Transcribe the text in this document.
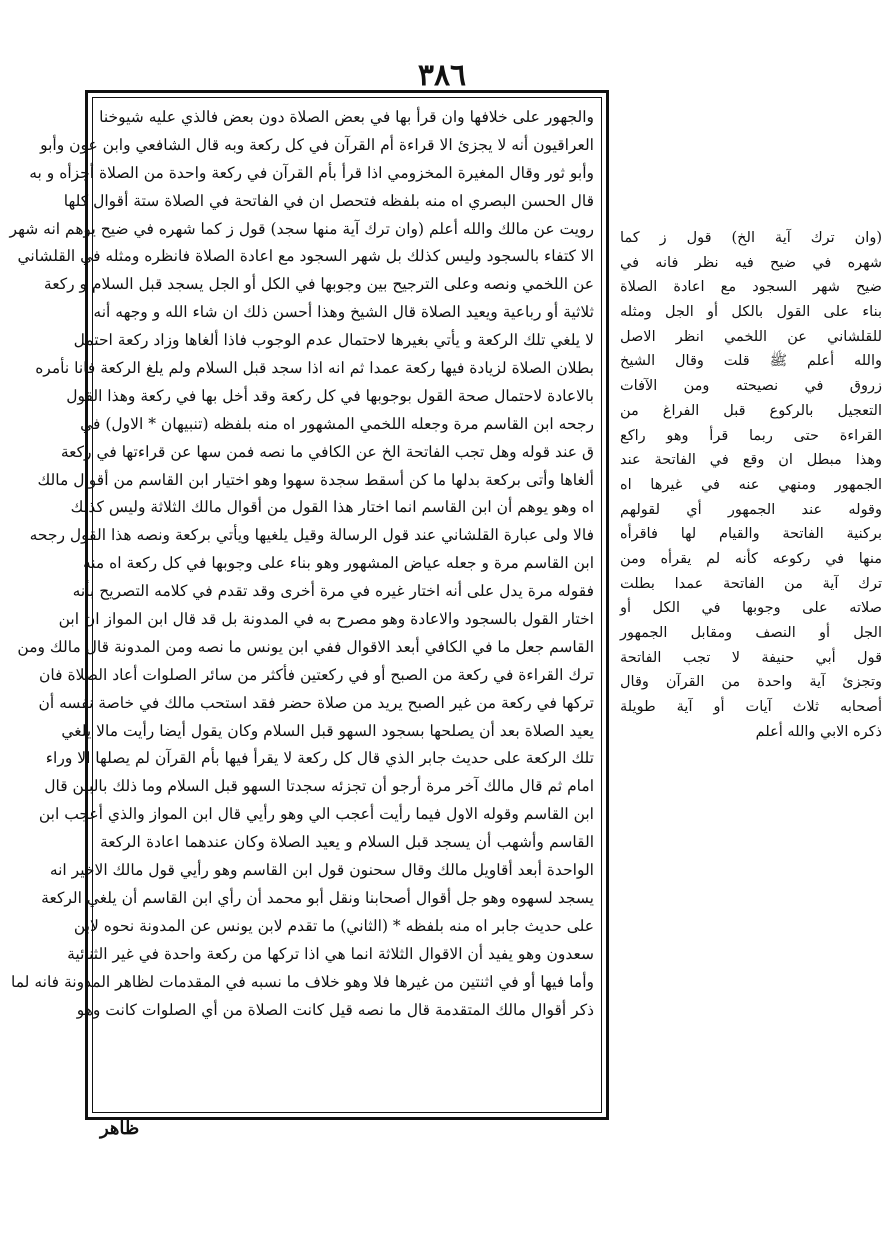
٣٨٦
والجهور على خلافها وان قرأ بها في بعض الصلاة دون بعض فالذي عليه شيوخنا
العراقيون أنه لا يجزئ الا قراءة أم القرآن في كل ركعة وبه قال الشافعي وابن عون وأبو
وأبو ثور وقال المغيرة المخزومي اذا قرأ بأم القرآن في ركعة واحدة من الصلاة أجزأه و به
قال الحسن البصري اه منه بلفظه فتحصل ان في الفاتحة في الصلاة ستة أقوال كلها
رويت عن مالك والله أعلم (وان ترك آية منها سجد) قول ز كما شهره في ضيح يوهم انه شهر
الا كتفاء بالسجود وليس كذلك بل شهر السجود مع اعادة الصلاة فانظره ومثله في القلشاني
عن اللخمي ونصه وعلى الترجيح بين وجوبها في الكل أو الجل يسجد قبل السلام و ركعة
ثلاثية أو رباعية ويعيد الصلاة قال الشيخ وهذا أحسن ذلك ان شاء الله و وجهه أنه
لا يلغي تلك الركعة و يأتي بغيرها لاحتمال عدم الوجوب فاذا ألغاها وزاد ركعة احتمل
بطلان الصلاة لزيادة فيها ركعة عمدا ثم انه اذا سجد قبل السلام ولم يلغ الركعة فانا نأمره
بالاعادة لاحتمال صحة القول بوجوبها في كل ركعة وقد أخل بها في ركعة وهذا القول
رجحه ابن القاسم مرة وجعله اللخمي المشهور اه منه بلفظه (تنبيهان * الاول) في
ق عند قوله وهل تجب الفاتحة الخ عن الكافي ما نصه فمن سها عن قراءتها في ركعة
ألغاها وأتى بركعة بدلها ما كن أسقط سجدة سهوا وهو اختيار ابن القاسم من أقوال مالك
اه وهو يوهم أن ابن القاسم انما اختار هذا القول من أقوال مالك الثلاثة وليس كذلك
فالا ولى عبارة القلشاني عند قول الرسالة وقيل يلغيها ويأتي بركعة ونصه هذا القول رجحه
ابن القاسم مرة و جعله عياض المشهور وهو بناء على وجوبها في كل ركعة اه منه
فقوله مرة يدل على أنه اختار غيره في مرة أخرى وقد تقدم في كلامه التصريح بأنه
اختار القول بالسجود والاعادة وهو مصرح به في المدونة بل قد قال ابن المواز ان ابن
القاسم جعل ما في الكافي أبعد الاقوال ففي ابن يونس ما نصه ومن المدونة قال مالك ومن
ترك القراءة في ركعة من الصبح أو في ركعتين فأكثر من سائر الصلوات أعاد الصلاة فان
تركها في ركعة من غير الصبح يريد من صلاة حضر فقد استحب مالك في خاصة نفسه أن
يعيد الصلاة بعد أن يصلحها بسجود السهو قبل السلام وكان يقول أيضا رأيت مالا يلغي
تلك الركعة على حديث جابر الذي قال كل ركعة لا يقرأ فيها بأم القرآن لم يصلها الا وراء
امام ثم قال مالك آخر مرة أرجو أن تجزئه سجدتا السهو قبل السلام وما ذلك بالبين قال
ابن القاسم وقوله الاول فيما رأيت أعجب الي وهو رأيي قال ابن المواز والذي أعجب ابن
القاسم وأشهب أن يسجد قبل السلام و يعيد الصلاة وكان عندهما اعادة الركعة
الواحدة أبعد أقاويل مالك وقال سحنون قول ابن القاسم وهو رأيي قول مالك الاخير انه
يسجد لسهوه وهو جل أقوال أصحابنا ونقل أبو محمد أن رأي ابن القاسم أن يلغي الركعة
على حديث جابر اه منه بلفظه * (الثاني) ما تقدم لابن يونس عن المدونة نحوه لابن
سعدون وهو يفيد أن الاقوال الثلاثة انما هي اذا تركها من ركعة واحدة في غير الثنائية
وأما فيها أو في اثنتين من غيرها فلا وهو خلاف ما نسبه في المقدمات لظاهر المدونة فانه لما
ذكر أقوال مالك المتقدمة قال ما نصه قيل كانت الصلاة من أي الصلوات كانت وهو
(وان ترك آية الخ) قول ز كما
شهره في ضيح فيه نظر فانه في
ضيح شهر السجود مع اعادة الصلاة
بناء على القول بالكل أو الجل ومثله
للقلشاني عن اللخمي انظر الاصل
والله أعلم ﷺ قلت وقال الشيخ
زروق في نصيحته ومن الآفات
التعجيل بالركوع قبل الفراغ من
القراءة حتى ربما قرأ وهو راكع
وهذا مبطل ان وقع في الفاتحة عند
الجمهور ومنهي عنه في غيرها اه
وقوله عند الجمهور أي لقولهم
بركنية الفاتحة والقيام لها فاقرأه
منها في ركوعه كأنه لم يقرأه ومن
ترك آية من الفاتحة عمدا بطلت
صلاته على وجوبها في الكل أو
الجل أو النصف ومقابل الجمهور
قول أبي حنيفة لا تجب الفاتحة
وتجزئ آية واحدة من القرآن وقال
أصحابه ثلاث آيات أو آية طويلة
ذكره الابي والله أعلم
ظاهر
